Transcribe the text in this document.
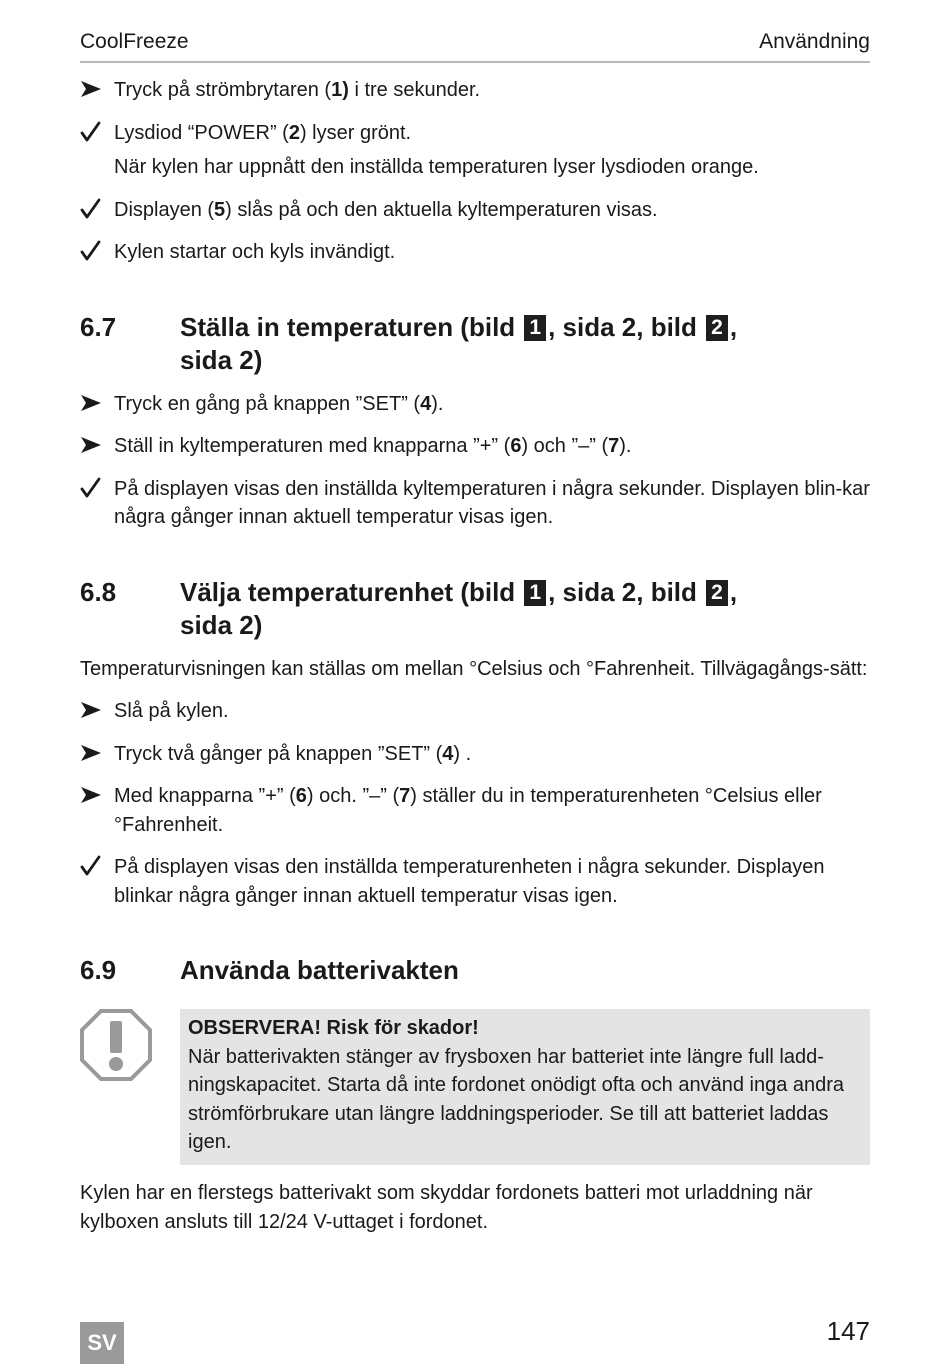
CoolFreeze	Användning
Tryck på strömbrytaren (1) i tre sekunder.
Lysdiod “POWER” (2) lyser grönt.
När kylen har uppnått den inställda temperaturen lyser lysdioden orange.
Displayen (5) slås på och den aktuella kyltemperaturen visas.
Kylen startar och kyls invändigt.
6.7 Ställa in temperaturen (bild 1 , sida 2, bild 2 ,
sida 2)
Tryck en gång på knappen ”SET” (4).
Ställ in kyltemperaturen med knapparna ”+” (6) och ”–” (7).
På displayen visas den inställda kyltemperaturen i några sekunder. Displayen blin-kar några gånger innan aktuell temperatur visas igen.
6.8 Välja temperaturenhet (bild 1 , sida 2, bild 2 ,
sida 2)
Temperaturvisningen kan ställas om mellan °Celsius och °Fahrenheit. Tillvägagångs-sätt:
Slå på kylen.
Tryck två gånger på knappen ”SET” (4) .
Med knapparna ”+” (6) och. ”–” (7) ställer du in temperaturenheten °Celsius eller °Fahrenheit.
På displayen visas den inställda temperaturenheten i några sekunder. Displayen blinkar några gånger innan aktuell temperatur visas igen.
6.9 Använda batterivakten
OBSERVERA! Risk för skador!
När batterivakten stänger av frysboxen har batteriet inte längre full ladd-ningskapacitet. Starta då inte fordonet onödigt ofta och använd inga andra strömförbrukare utan längre laddningsperioder. Se till att batteriet laddas igen.
Kylen har en flerstegs batterivakt som skyddar fordonets batteri mot urladdning när kylboxen ansluts till 12/24 V-uttaget i fordonet.
SV	147
